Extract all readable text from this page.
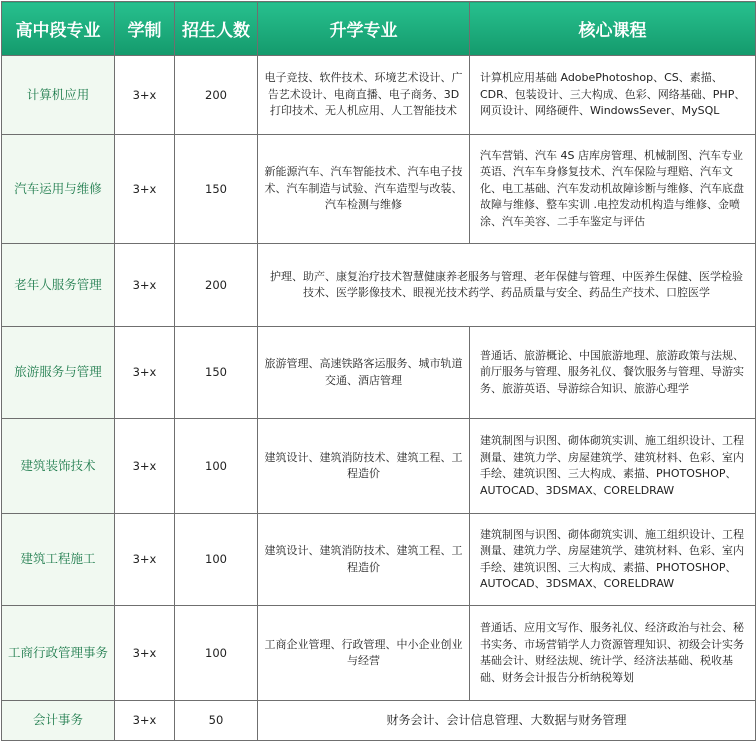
高中段专业	学制	招生人数	升学专业	核心课程
计算机应用	3+x	200	电子竞技、软件技术、环境艺术设计、广告艺术设计、电商直播、电子商务、3D 打印技术、无人机应用、人工智能技术	计算机应用基础 AdobePhotoshop、CS、素描、CDR、包装设计、三大构成、色彩、网络基础、PHP、网页设计、网络硬件、WindowsSever、MySQL
汽车运用与维修	3+x	150	新能源汽车、汽车智能技术、汽车电子技术、汽车制造与试验、汽车造型与改装、汽车检测与维修	汽车营销、汽车 4S 店库房管理、机械制图、汽车专业英语、汽车车身修复技术、汽车保险与理赔、汽车文化、电工基础、汽车发动机故障诊断与维修、汽车底盘故障与维修、整车实训 .电控发动机构造与维修、金喷涂、汽车美容、二手车鉴定与评估
老年人服务管理	3+x	200	护理、助产、康复治疗技术智慧健康养老服务与管理、老年保健与管理、中医养生保健、医学检验技术、医学影像技术、眼视光技术药学、药品质量与安全、药品生产技术、口腔医学	
旅游服务与管理	3+x	150	旅游管理、高速铁路客运服务、城市轨道交通、酒店管理	普通话、旅游概论、中国旅游地理、旅游政策与法规、前厅服务与管理、服务礼仪、餐饮服务与管理、导游实务、旅游英语、导游综合知识、旅游心理学
建筑装饰技术	3+x	100	建筑设计、建筑消防技术、建筑工程、工程造价	建筑制图与识图、砌体砌筑实训、施工组织设计、工程测量、建筑力学、房屋建筑学、建筑材料、色彩、室内手绘、建筑识图、三大构成、素描、PHOTOSHOP、AUTOCAD、3DSMAX、CORELDRAW
建筑工程施工	3+x	100	建筑设计、建筑消防技术、建筑工程、工程造价	建筑制图与识图、砌体砌筑实训、施工组织设计、工程测量、建筑力学、房屋建筑学、建筑材料、色彩、室内手绘、建筑识图、三大构成、素描、PHOTOSHOP、AUTOCAD、3DSMAX、CORELDRAW
工商行政管理事务	3+x	100	工商企业管理、行政管理、中小企业创业与经营	普通话、应用文写作、服务礼仪、经济政治与社会、秘书实务、市场营销学人力资源管理知识、初级会计实务基础会计、财经法规、统计学、经济法基础、税收基础、财务会计报告分析纳税筹划
会计事务	3+x	50	财务会计、会计信息管理、大数据与财务管理	
